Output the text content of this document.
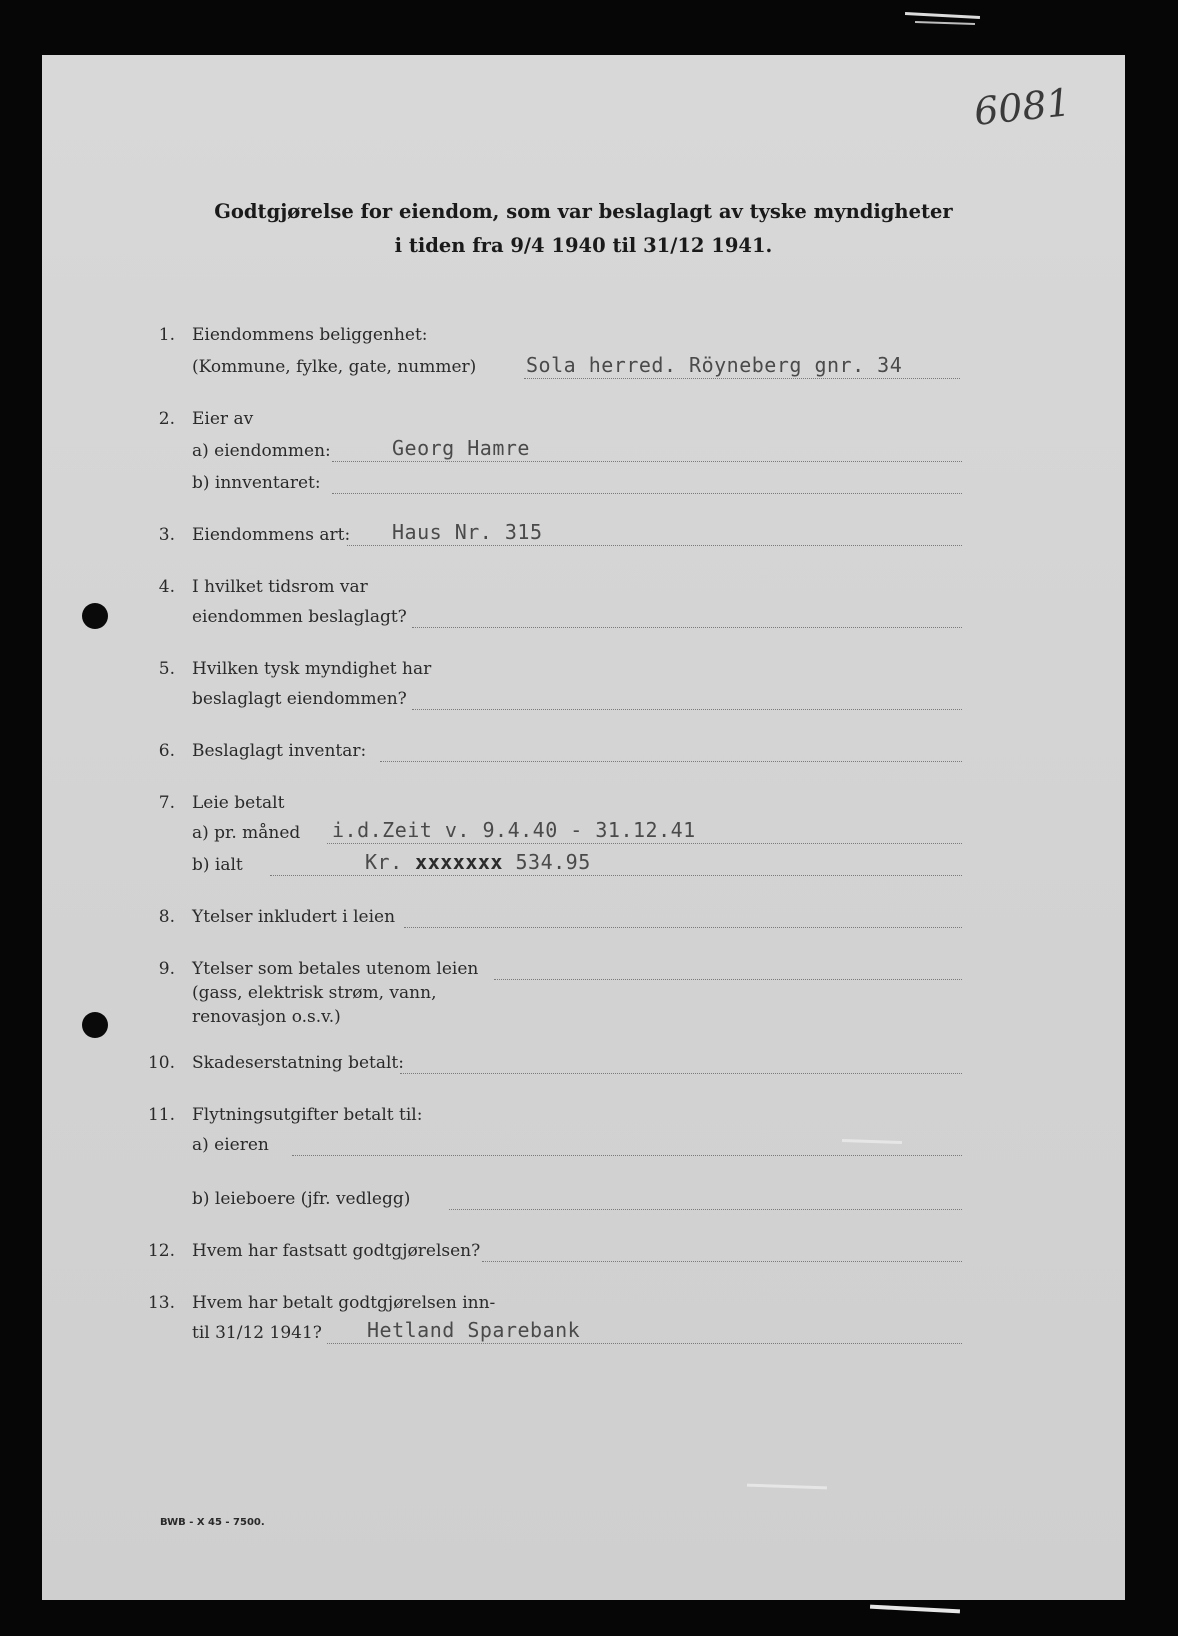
6081
Godtgjørelse for eiendom, som var beslaglagt av tyske myndigheter
i tiden fra 9/4 1940 til 31/12 1941.
1. Eiendommens beliggenhet:
(Kommune, fylke, gate, nummer) Sola herred. Röyneberg gnr. 34
2. Eier av
a) eiendommen:	Georg Hamre
b) innventaret:
3. Eiendommens art: Haus Nr. 315
4. I hvilket tidsrom var
eiendommen beslaglagt?
5. Hvilken tysk myndighet har
beslaglagt eiendommen?
6. Beslaglagt inventar:
7. Leie betalt
a) pr. måned i.d.Zeit v. 9.4.40 - 31.12.41
b) ialt	Kr. xxxxxxx 534.95
8. Ytelser inkludert i leien
9. Ytelser som betales utenom leien
(gass, elektrisk strøm, vann,
renovasjon o.s.v.)
10. Skadeserstatning betalt:
11. Flytningsutgifter betalt til:
a) eieren
b) leieboere (jfr. vedlegg)
12. Hvem har fastsatt godtgjørelsen?
13. Hvem har betalt godtgjørelsen inn-
til 31/12 1941? Hetland Sparebank
BWB - X 45 - 7500.
